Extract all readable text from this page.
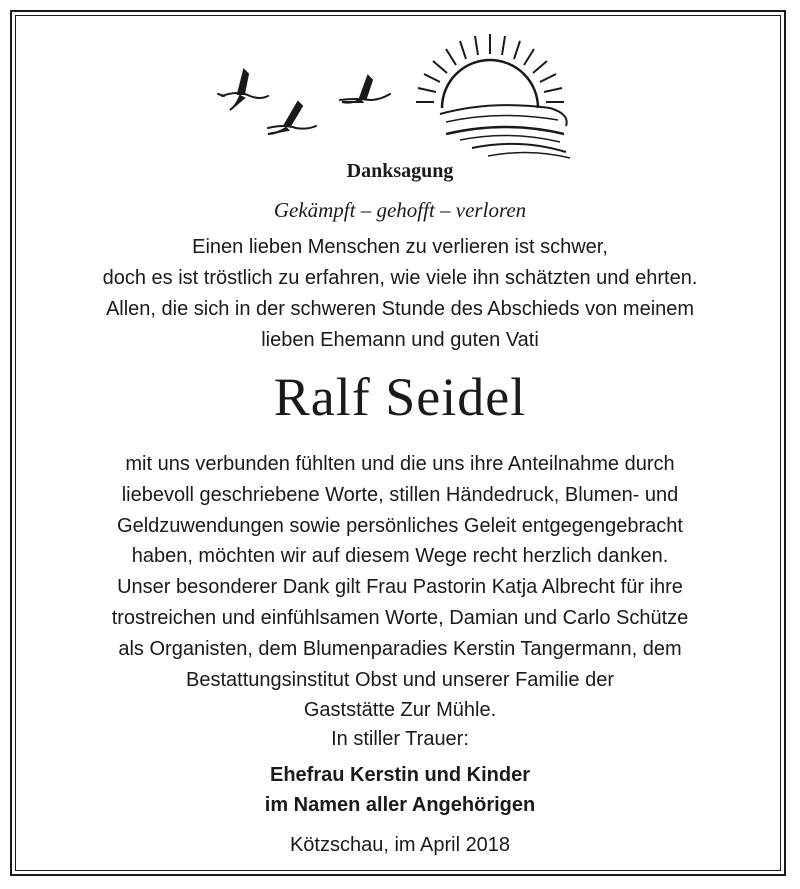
Danksagung
Gekämpft – gehofft – verloren
Einen lieben Menschen zu verlieren ist schwer,
doch es ist tröstlich zu erfahren, wie viele ihn schätzten und ehrten.
Allen, die sich in der schweren Stunde des Abschieds von meinem
lieben Ehemann und guten Vati
Ralf Seidel
mit uns verbunden fühlten und die uns ihre Anteilnahme durch
liebevoll geschriebene Worte, stillen Händedruck, Blumen- und
Geldzuwendungen sowie persönliches Geleit entgegengebracht
haben, möchten wir auf diesem Wege recht herzlich danken.
Unser besonderer Dank gilt Frau Pastorin Katja Albrecht für ihre
trostreichen und einfühlsamen Worte, Damian und Carlo Schütze
als Organisten, dem Blumenparadies Kerstin Tangermann, dem
Bestattungsinstitut Obst und unserer Familie der
Gaststätte Zur Mühle.
In stiller Trauer:
Ehefrau Kerstin und Kinder
im Namen aller Angehörigen
Kötzschau, im April 2018
